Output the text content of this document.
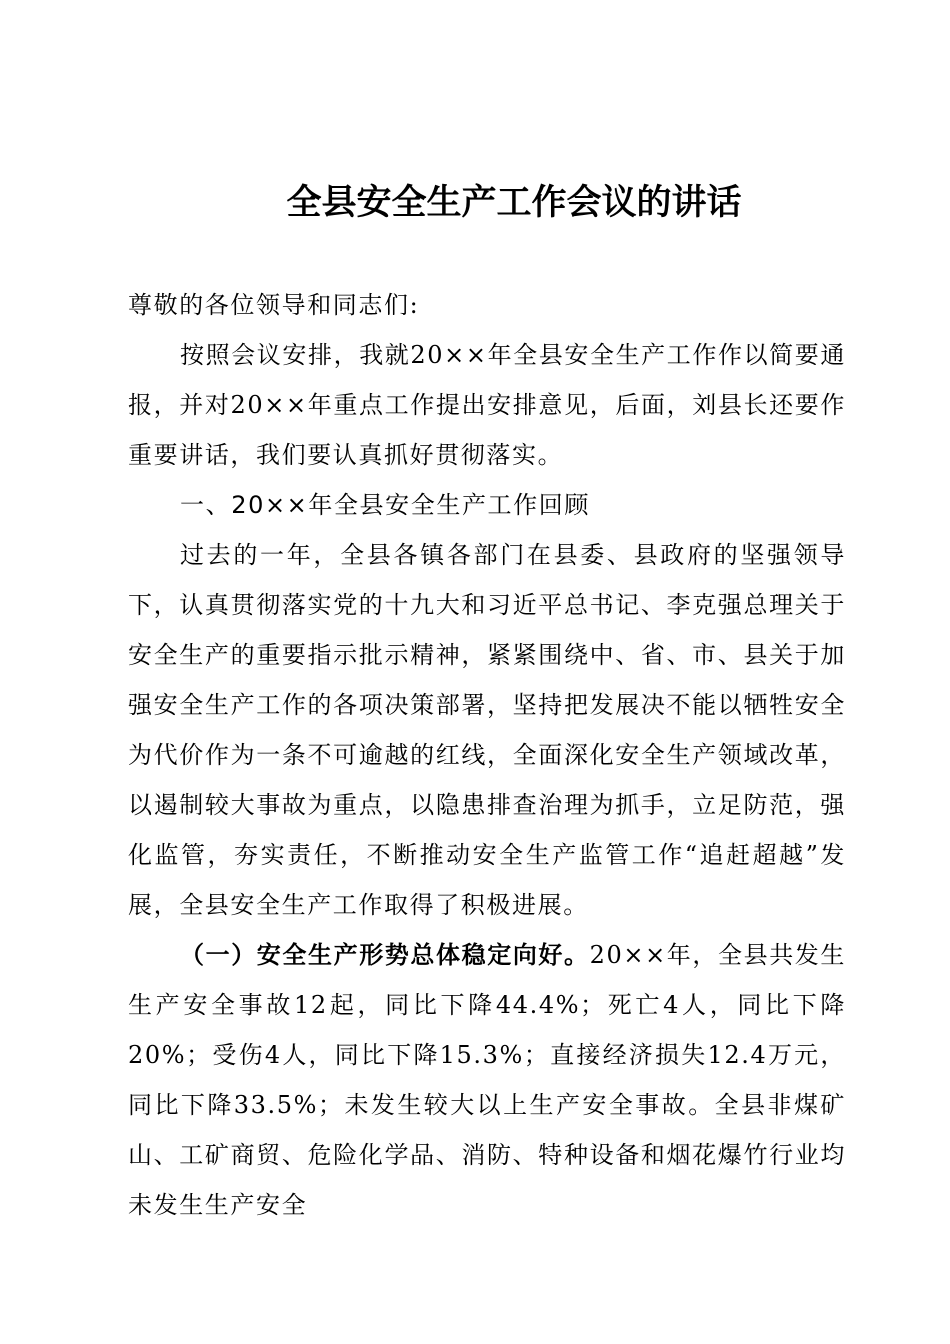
全县安全生产工作会议的讲话

尊敬的各位领导和同志们:

按照会议安排，我就20××年全县安全生产工作作以简要通报，并对20××年重点工作提出安排意见，后面，刘县长还要作重要讲话，我们要认真抓好贯彻落实。

一、20××年全县安全生产工作回顾

过去的一年，全县各镇各部门在县委、县政府的坚强领导下，认真贯彻落实党的十九大和习近平总书记、李克强总理关于安全生产的重要指示批示精神，紧紧围绕中、省、市、县关于加强安全生产工作的各项决策部署，坚持把发展决不能以牺牲安全为代价作为一条不可逾越的红线，全面深化安全生产领域改革，以遏制较大事故为重点，以隐患排查治理为抓手，立足防范，强化监管，夯实责任，不断推动安全生产监管工作“追赶超越”发展，全县安全生产工作取得了积极进展。

（一）安全生产形势总体稳定向好。20××年，全县共发生生产安全事故12起，同比下降44.4%；死亡4人，同比下降20%；受伤4人，同比下降15.3%；直接经济损失12.4万元，同比下降33.5%；未发生较大以上生产安全事故。全县非煤矿山、工矿商贸、危险化学品、消防、特种设备和烟花爆竹行业均未发生生产安全
